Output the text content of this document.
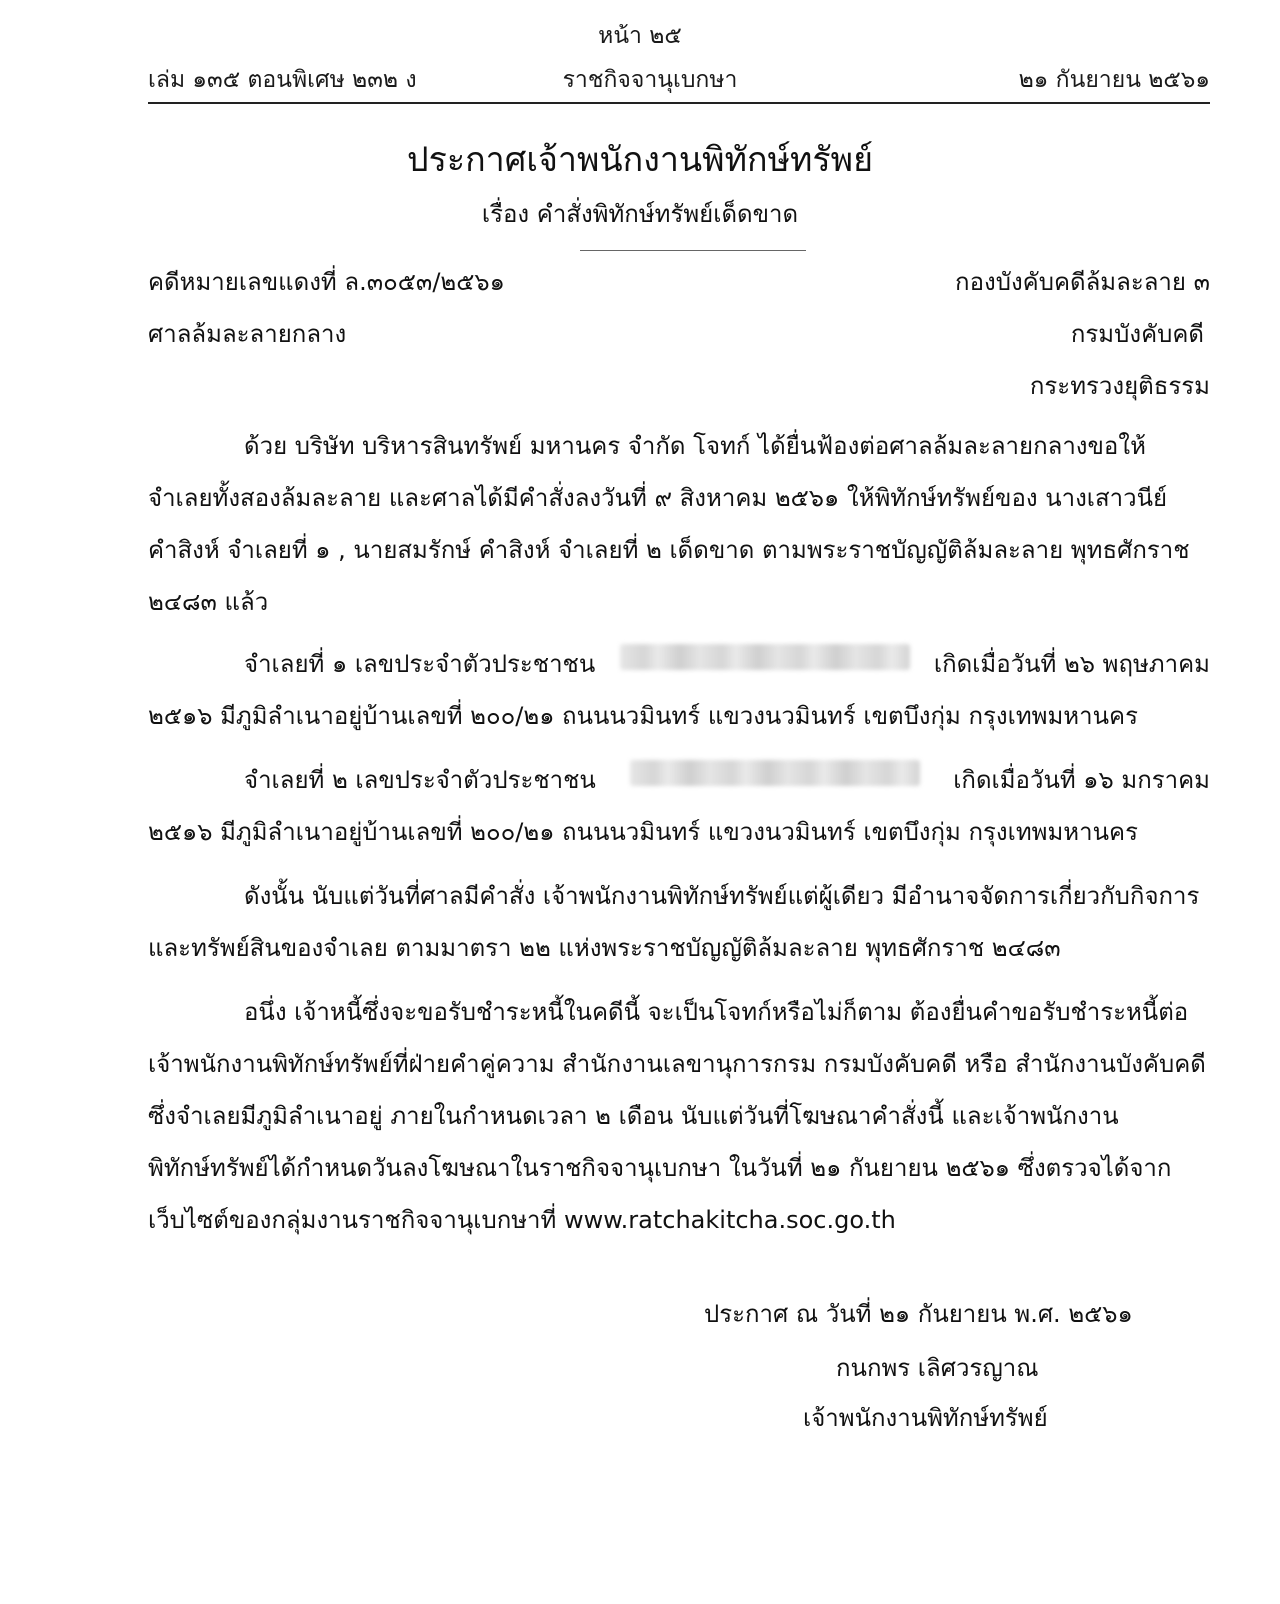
หน้า ๒๕
เล่ม ๑๓๕ ตอนพิเศษ ๒๓๒ ง	ราชกิจจานุเบกษา	๒๑ กันยายน ๒๕๖๑
ประกาศเจ้าพนักงานพิทักษ์ทรัพย์
เรื่อง คำสั่งพิทักษ์ทรัพย์เด็ดขาด
คดีหมายเลขแดงที่ ล.๓๐๕๓/๒๕๖๑
ศาลล้มละลายกลาง
กองบังคับคดีล้มละลาย ๓
กรมบังคับคดี
กระทรวงยุติธรรม
ด้วย บริษัท บริหารสินทรัพย์ มหานคร จำกัด โจทก์ ได้ยื่นฟ้องต่อศาลล้มละลายกลางขอให้
จำเลยทั้งสองล้มละลาย และศาลได้มีคำสั่งลงวันที่ ๙ สิงหาคม ๒๕๖๑ ให้พิทักษ์ทรัพย์ของ นางเสาวนีย์
คำสิงห์ จำเลยที่ ๑ , นายสมรักษ์ คำสิงห์ จำเลยที่ ๒ เด็ดขาด ตามพระราชบัญญัติล้มละลาย พุทธศักราช
๒๔๘๓ แล้ว
จำเลยที่ ๑ เลขประจำตัวประชาชน	เกิดเมื่อวันที่ ๒๖ พฤษภาคม
๒๕๑๖ มีภูมิลำเนาอยู่บ้านเลขที่ ๒๐๐/๒๑ ถนนนวมินทร์ แขวงนวมินทร์ เขตบึงกุ่ม กรุงเทพมหานคร
จำเลยที่ ๒ เลขประจำตัวประชาชน	เกิดเมื่อวันที่ ๑๖ มกราคม
๒๕๑๖ มีภูมิลำเนาอยู่บ้านเลขที่ ๒๐๐/๒๑ ถนนนวมินทร์ แขวงนวมินทร์ เขตบึงกุ่ม กรุงเทพมหานคร
ดังนั้น นับแต่วันที่ศาลมีคำสั่ง เจ้าพนักงานพิทักษ์ทรัพย์แต่ผู้เดียว มีอำนาจจัดการเกี่ยวกับกิจการ
และทรัพย์สินของจำเลย ตามมาตรา ๒๒ แห่งพระราชบัญญัติล้มละลาย พุทธศักราช ๒๔๘๓
อนึ่ง เจ้าหนี้ซึ่งจะขอรับชำระหนี้ในคดีนี้ จะเป็นโจทก์หรือไม่ก็ตาม ต้องยื่นคำขอรับชำระหนี้ต่อ
เจ้าพนักงานพิทักษ์ทรัพย์ที่ฝ่ายคำคู่ความ สำนักงานเลขานุการกรม กรมบังคับคดี หรือ สำนักงานบังคับคดี
ซึ่งจำเลยมีภูมิลำเนาอยู่ ภายในกำหนดเวลา ๒ เดือน นับแต่วันที่โฆษณาคำสั่งนี้ และเจ้าพนักงาน
พิทักษ์ทรัพย์ได้กำหนดวันลงโฆษณาในราชกิจจานุเบกษา ในวันที่ ๒๑ กันยายน ๒๕๖๑ ซึ่งตรวจได้จาก
เว็บไซต์ของกลุ่มงานราชกิจจานุเบกษาที่ www.ratchakitcha.soc.go.th
ประกาศ ณ วันที่ ๒๑ กันยายน พ.ศ. ๒๕๖๑
กนกพร เลิศวรญาณ
เจ้าพนักงานพิทักษ์ทรัพย์
